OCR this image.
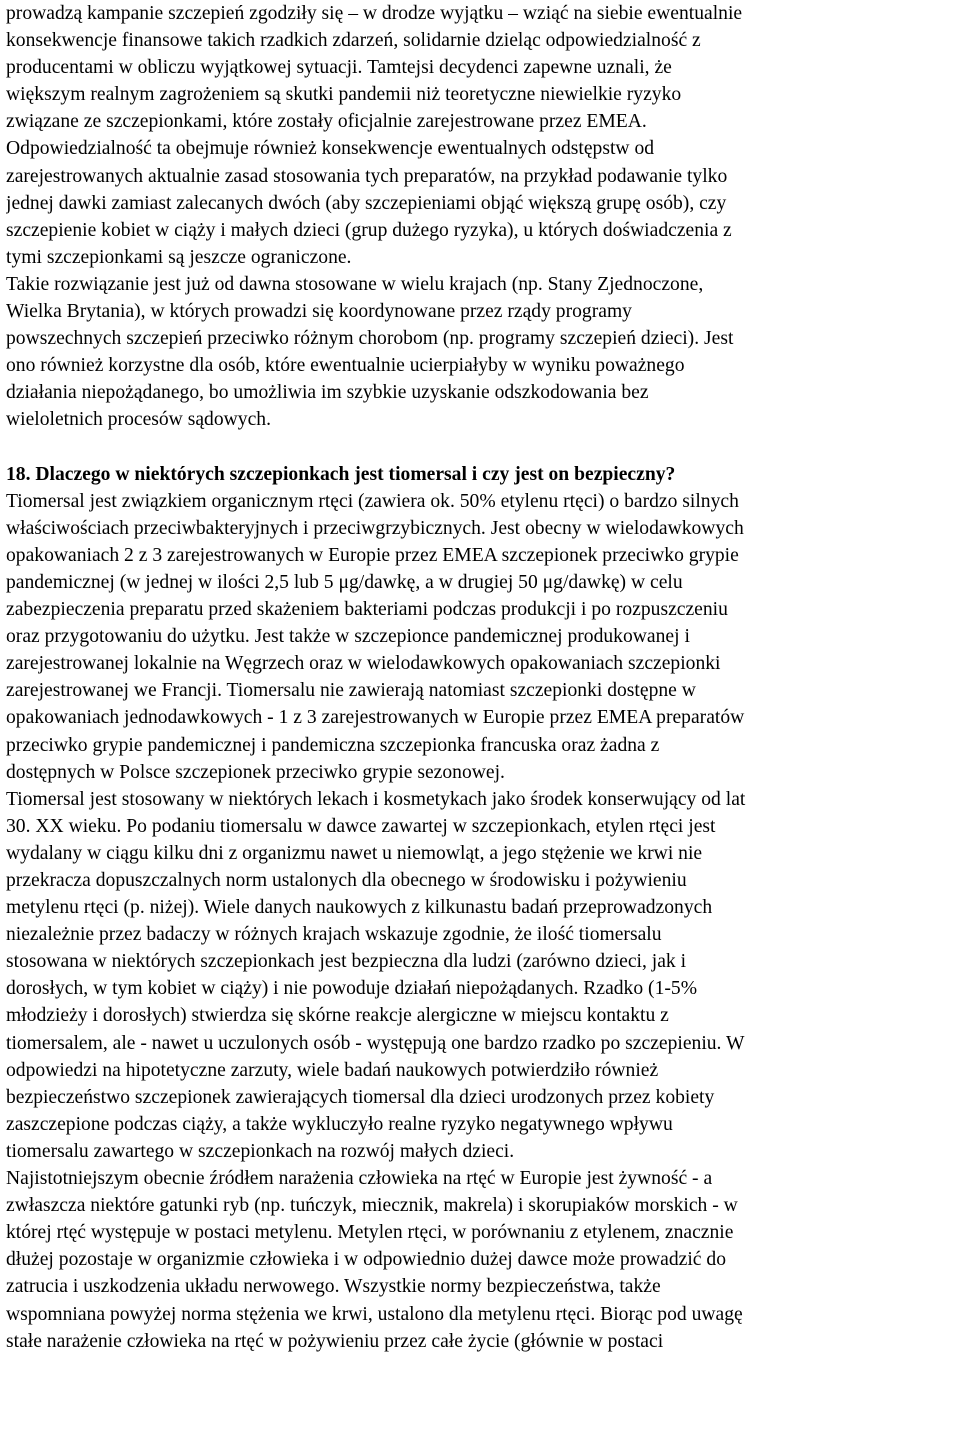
prowadzą kampanie szczepień zgodziły się – w drodze wyjątku – wziąć na siebie ewentualnie
konsekwencje finansowe takich rzadkich zdarzeń, solidarnie dzieląc odpowiedzialność z
producentami w obliczu wyjątkowej sytuacji. Tamtejsi decydenci zapewne uznali, że
większym realnym zagrożeniem są skutki pandemii niż teoretyczne niewielkie ryzyko
związane ze szczepionkami, które zostały oficjalnie zarejestrowane przez EMEA.
Odpowiedzialność ta obejmuje również konsekwencje ewentualnych odstępstw od
zarejestrowanych aktualnie zasad stosowania tych preparatów, na przykład podawanie tylko
jednej dawki zamiast zalecanych dwóch (aby szczepieniami objąć większą grupę osób), czy
szczepienie kobiet w ciąży i małych dzieci (grup dużego ryzyka), u których doświadczenia z
tymi szczepionkami są jeszcze ograniczone.
Takie rozwiązanie jest już od dawna stosowane w wielu krajach (np. Stany Zjednoczone,
Wielka Brytania), w których prowadzi się koordynowane przez rządy programy
powszechnych szczepień przeciwko różnym chorobom (np. programy szczepień dzieci). Jest
ono również korzystne dla osób, które ewentualnie ucierpiałyby w wyniku poważnego
działania niepożądanego, bo umożliwia im szybkie uzyskanie odszkodowania bez
wieloletnich procesów sądowych.
18. Dlaczego w niektórych szczepionkach jest tiomersal i czy jest on bezpieczny?
Tiomersal jest związkiem organicznym rtęci (zawiera ok. 50% etylenu rtęci) o bardzo silnych
właściwościach przeciwbakteryjnych i przeciwgrzybicznych. Jest obecny w wielodawkowych
opakowaniach 2 z 3 zarejestrowanych w Europie przez EMEA szczepionek przeciwko grypie
pandemicznej (w jednej w ilości 2,5 lub 5 μg/dawkę, a w drugiej 50 μg/dawkę) w celu
zabezpieczenia preparatu przed skażeniem bakteriami podczas produkcji i po rozpuszczeniu
oraz przygotowaniu do użytku. Jest także w szczepionce pandemicznej produkowanej i
zarejestrowanej lokalnie na Węgrzech oraz w wielodawkowych opakowaniach szczepionki
zarejestrowanej we Francji. Tiomersalu nie zawierają natomiast szczepionki dostępne w
opakowaniach jednodawkowych - 1 z 3 zarejestrowanych w Europie przez EMEA preparatów
przeciwko grypie pandemicznej i pandemiczna szczepionka francuska oraz żadna z
dostępnych w Polsce szczepionek przeciwko grypie sezonowej.
Tiomersal jest stosowany w niektórych lekach i kosmetykach jako środek konserwujący od lat
30. XX wieku. Po podaniu tiomersalu w dawce zawartej w szczepionkach, etylen rtęci jest
wydalany w ciągu kilku dni z organizmu nawet u niemowląt, a jego stężenie we krwi nie
przekracza dopuszczalnych norm ustalonych dla obecnego w środowisku i pożywieniu
metylenu rtęci (p. niżej). Wiele danych naukowych z kilkunastu badań przeprowadzonych
niezależnie przez badaczy w różnych krajach wskazuje zgodnie, że ilość tiomersalu
stosowana w niektórych szczepionkach jest bezpieczna dla ludzi (zarówno dzieci, jak i
dorosłych, w tym kobiet w ciąży) i nie powoduje działań niepożądanych. Rzadko (1-5%
młodzieży i dorosłych) stwierdza się skórne reakcje alergiczne w miejscu kontaktu z
tiomersalem, ale - nawet u uczulonych osób - występują one bardzo rzadko po szczepieniu. W
odpowiedzi na hipotetyczne zarzuty, wiele badań naukowych potwierdziło również
bezpieczeństwo szczepionek zawierających tiomersal dla dzieci urodzonych przez kobiety
zaszczepione podczas ciąży, a także wykluczyło realne ryzyko negatywnego wpływu
tiomersalu zawartego w szczepionkach na rozwój małych dzieci.
Najistotniejszym obecnie źródłem narażenia człowieka na rtęć w Europie jest żywność - a
zwłaszcza niektóre gatunki ryb (np. tuńczyk, miecznik, makrela) i skorupiaków morskich - w
której rtęć występuje w postaci metylenu. Metylen rtęci, w porównaniu z etylenem, znacznie
dłużej pozostaje w organizmie człowieka i w odpowiednio dużej dawce może prowadzić do
zatrucia i uszkodzenia układu nerwowego. Wszystkie normy bezpieczeństwa, także
wspomniana powyżej norma stężenia we krwi, ustalono dla metylenu rtęci. Biorąc pod uwagę
stałe narażenie człowieka na rtęć w pożywieniu przez całe życie (głównie w postaci
